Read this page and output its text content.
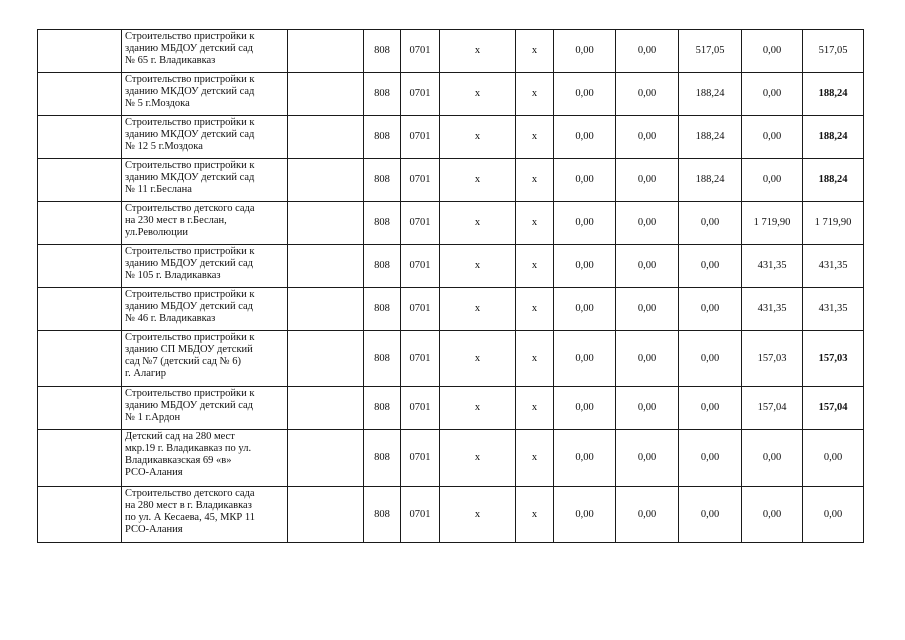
	Строительство пристройки к
зданию МБДОУ детский сад
№ 65 г. Владикавказ		808	0701	х	х	0,00	0,00	517,05	0,00	517,05

	Строительство пристройки к
зданию МКДОУ детский сад
№ 5 г.Моздока		808	0701	х	х	0,00	0,00	188,24	0,00	188,24

	Строительство пристройки к
зданию МКДОУ детский сад
№ 12 5 г.Моздока		808	0701	х	х	0,00	0,00	188,24	0,00	188,24

	Строительство пристройки к
зданию МКДОУ детский сад
№ 11 г.Беслана		808	0701	х	х	0,00	0,00	188,24	0,00	188,24

	Строительство детского сада
на 230 мест в г.Беслан,
ул.Революции		808	0701	х	х	0,00	0,00	0,00	1 719,90	1 719,90

	Строительство пристройки к
зданию МБДОУ детский сад
№ 105 г. Владикавказ		808	0701	х	х	0,00	0,00	0,00	431,35	431,35

	Строительство пристройки к
зданию МБДОУ детский сад
№ 46 г. Владикавказ		808	0701	х	х	0,00	0,00	0,00	431,35	431,35

	Строительство пристройки к
зданию СП МБДОУ детский
сад №7 (детский сад № 6)
г. Алагир		808	0701	х	х	0,00	0,00	0,00	157,03	157,03

	Строительство пристройки к
зданию МБДОУ детский сад
№ 1 г.Ардон		808	0701	х	х	0,00	0,00	0,00	157,04	157,04

	Детский сад на 280 мест
мкр.19 г. Владикавказ по ул.
Владикавказская 69 «в»
РСО-Алания		808	0701	х	х	0,00	0,00	0,00	0,00	0,00

	Строительство детского сада
на 280 мест в г. Владикавказ
по ул. А Кесаева, 45, МКР 11
РСО-Алания		808	0701	х	х	0,00	0,00	0,00	0,00	0,00
